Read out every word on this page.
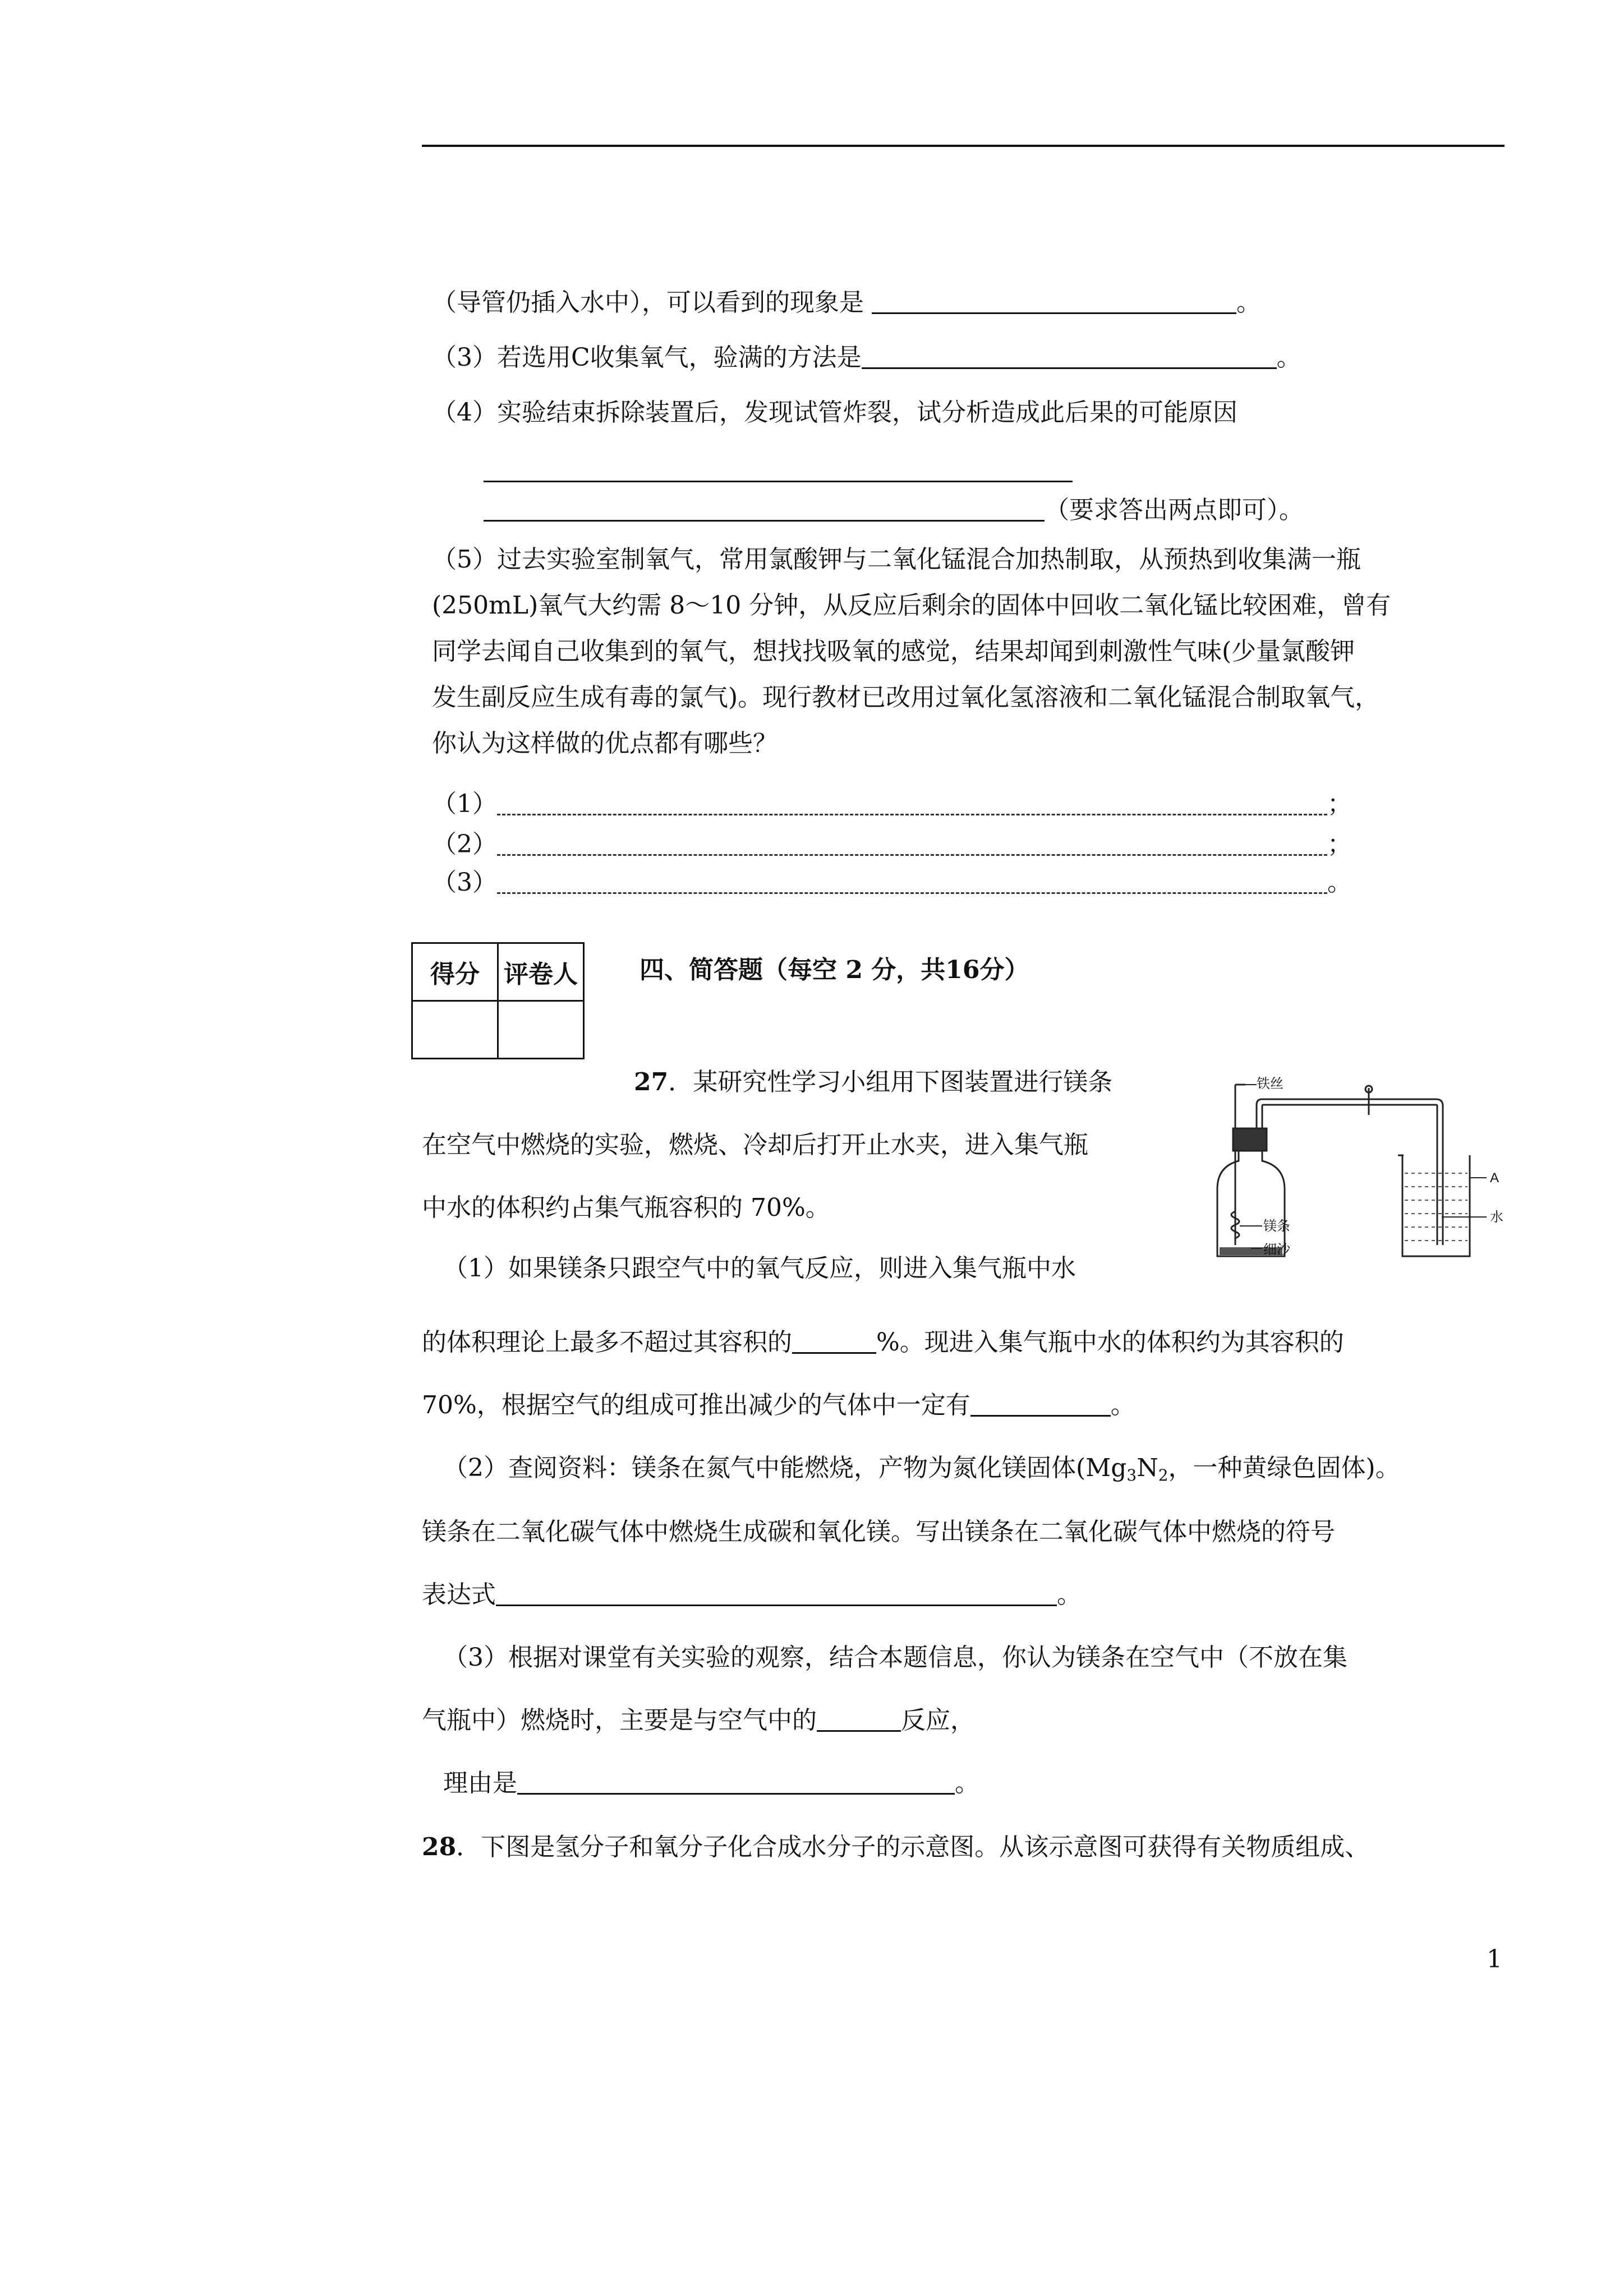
（导管仍插入水中），可以看到的现象是	。
（3）若选用C收集氧气，验满的方法是	。
（4）实验结束拆除装置后，发现试管炸裂，试分析造成此后果的可能原因
（要求答出两点即可）。
（5）过去实验室制氧气，常用氯酸钾与二氧化锰混合加热制取，从预热到收集满一瓶
(250mL)氧气大约需 8～10 分钟，从反应后剩余的固体中回收二氧化锰比较困难，曾有
同学去闻自己收集到的氧气，想找找吸氧的感觉，结果却闻到刺激性气味(少量氯酸钾
发生副反应生成有毒的氯气)。现行教材已改用过氧化氢溶液和二氧化锰混合制取氧气，
你认为这样做的优点都有哪些？
（1）	；
（2）	；
（3）	。
得分	评卷人
		四、简答题（每空 2 分，共16分）
27．某研究性学习小组用下图装置进行镁条
在空气中燃烧的实验，燃烧、冷却后打开止水夹，进入集气瓶
中水的体积约占集气瓶容积的 70%。
铁丝
A
镁条
细沙
水
（1）如果镁条只跟空气中的氧气反应，则进入集气瓶中水
的体积理论上最多不超过其容积的	%。现进入集气瓶中水的体积约为其容积的
70%，根据空气的组成可推出减少的气体中一定有	。
（2）查阅资料：镁条在氮气中能燃烧，产物为氮化镁固体($Mg_3N_2$，一种黄绿色固体)。
镁条在二氧化碳气体中燃烧生成碳和氧化镁。写出镁条在二氧化碳气体中燃烧的符号
表达式	。
（3）根据对课堂有关实验的观察，结合本题信息，你认为镁条在空气中（不放在集
气瓶中）燃烧时，主要是与空气中的	反应，
理由是	。
28．下图是氢分子和氧分子化合成水分子的示意图。从该示意图可获得有关物质组成、
1
